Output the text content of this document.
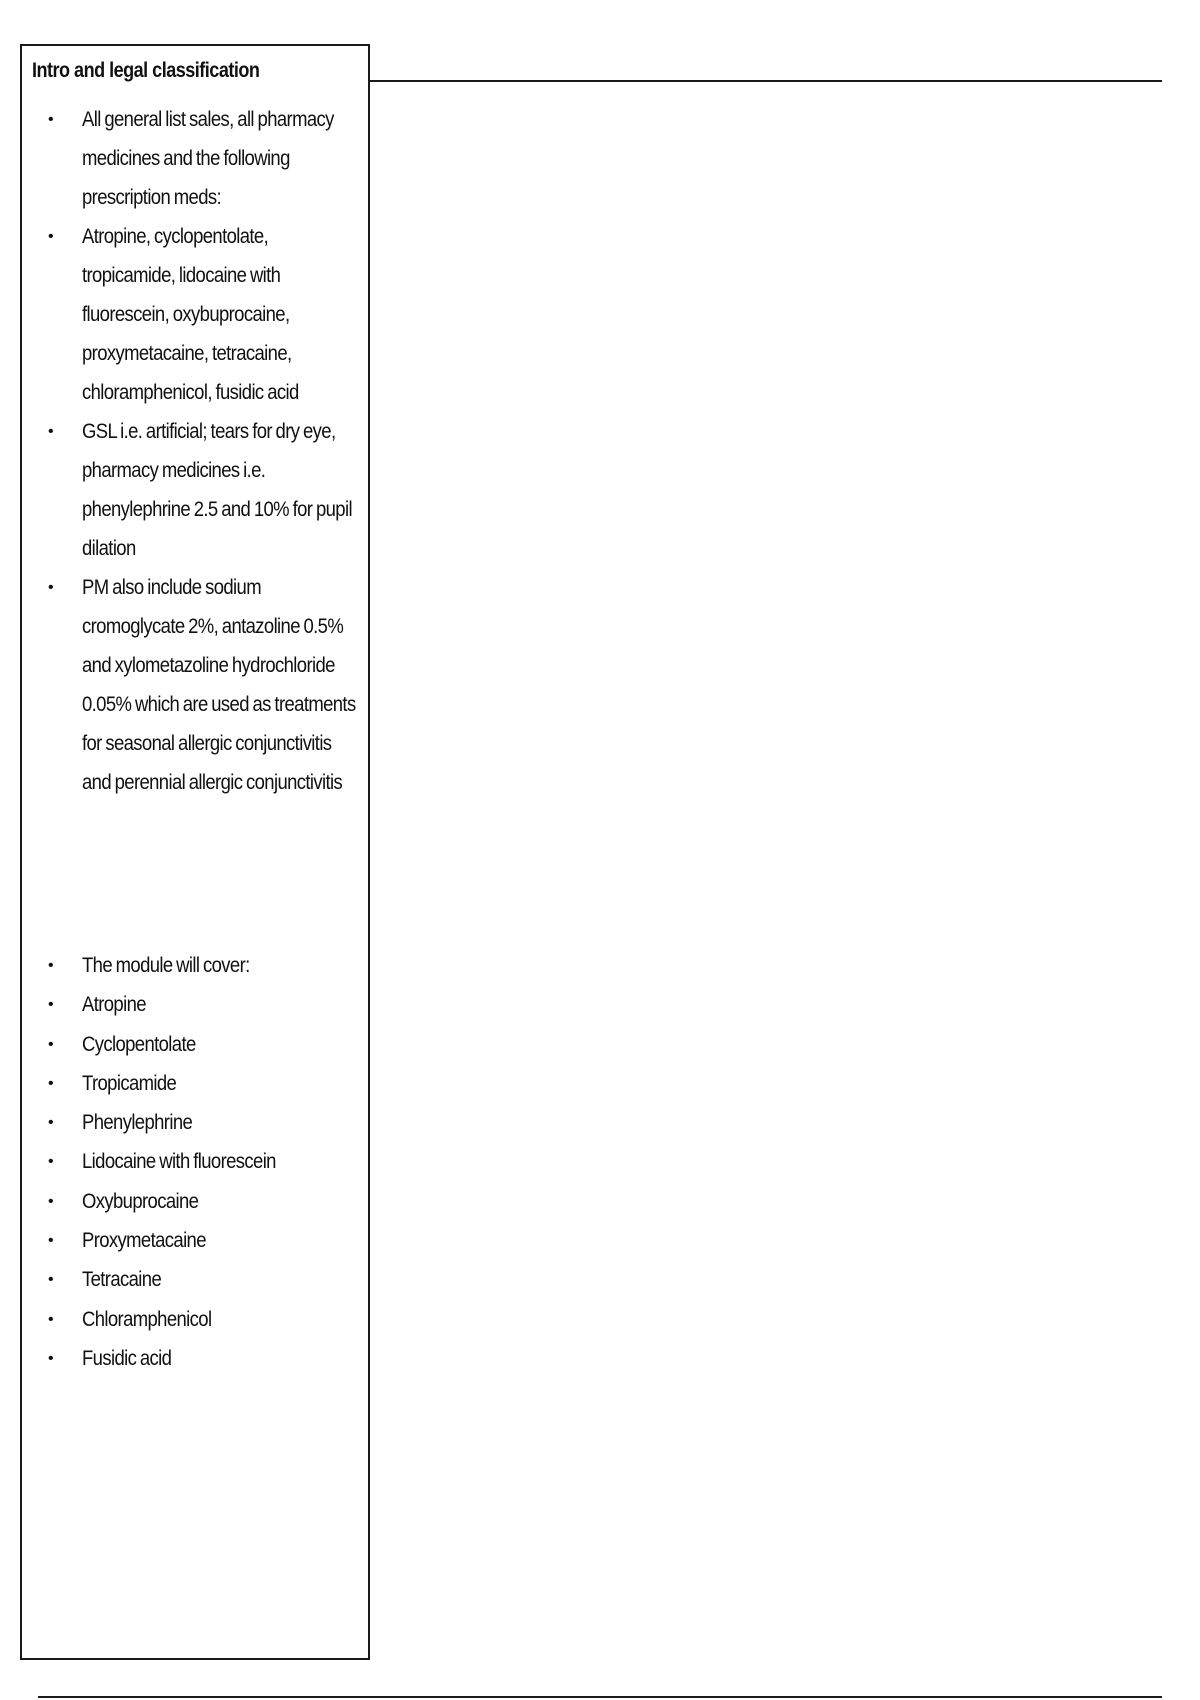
Intro and legal classification
• All general list sales, all pharmacy medicines and the following prescription meds:
• Atropine, cyclopentolate, tropicamide, lidocaine with fluorescein, oxybuprocaine, proxymetacaine, tetracaine, chloramphenicol, fusidic acid
• GSL i.e. artificial; tears for dry eye, pharmacy medicines i.e. phenylephrine 2.5 and 10% for pupil dilation
• PM also include sodium cromoglycate 2%, antazoline 0.5% and xylometazoline hydrochloride 0.05% which are used as treatments for seasonal allergic conjunctivitis and perennial allergic conjunctivitis
• The module will cover:
• Atropine
• Cyclopentolate
• Tropicamide
• Phenylephrine
• Lidocaine with fluorescein
• Oxybuprocaine
• Proxymetacaine
• Tetracaine
• Chloramphenicol
• Fusidic acid
